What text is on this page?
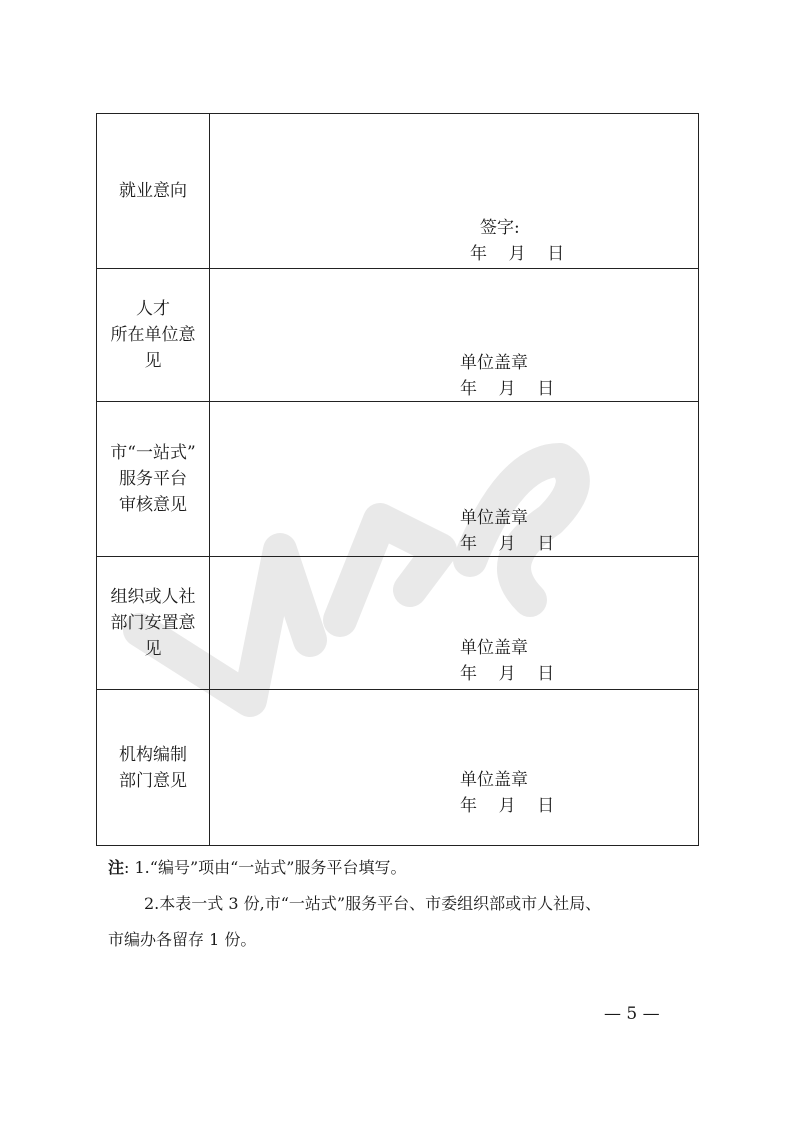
就业意向	签字:
年    月    日

人才
所在单位意
见	单位盖章
年    月    日

市“一站式”
服务平台
审核意见	单位盖章
年    月    日

组织或人社
部门安置意
见	单位盖章
年    月    日

机构编制
部门意见	单位盖章
年    月    日
注: 1.“编号”项由“一站式”服务平台填写。
2.本表一式 3 份,市“一站式”服务平台、市委组织部或市人社局、
市编办各留存 1 份。
— 5 —
